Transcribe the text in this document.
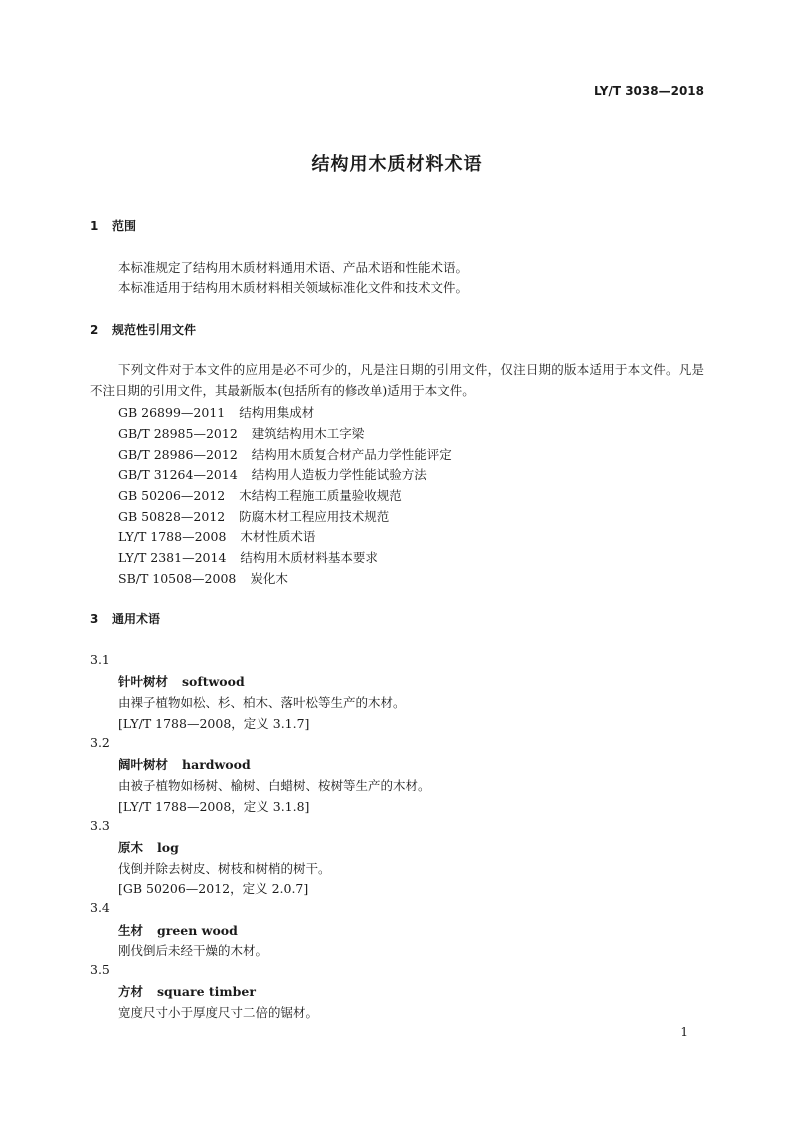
LY/T 3038—2018
结构用木质材料术语
1 范围
本标准规定了结构用木质材料通用术语、产品术语和性能术语。
本标准适用于结构用木质材料相关领域标准化文件和技术文件。
2 规范性引用文件
下列文件对于本文件的应用是必不可少的，凡是注日期的引用文件，仅注日期的版本适用于本文件。凡是不注日期的引用文件，其最新版本(包括所有的修改单)适用于本文件。
GB 26899—2011 结构用集成材
GB/T 28985—2012 建筑结构用木工字梁
GB/T 28986—2012 结构用木质复合材产品力学性能评定
GB/T 31264—2014 结构用人造板力学性能试验方法
GB 50206—2012 木结构工程施工质量验收规范
GB 50828—2012 防腐木材工程应用技术规范
LY/T 1788—2008 木材性质术语
LY/T 2381—2014 结构用木质材料基本要求
SB/T 10508—2008 炭化木
3 通用术语
3.1
针叶树材 softwood
由裸子植物如松、杉、柏木、落叶松等生产的木材。
[LY/T 1788—2008，定义 3.1.7]
3.2
阔叶树材 hardwood
由被子植物如杨树、榆树、白蜡树、桉树等生产的木材。
[LY/T 1788—2008，定义 3.1.8]
3.3
原木 log
伐倒并除去树皮、树枝和树梢的树干。
[GB 50206—2012，定义 2.0.7]
3.4
生材 green wood
刚伐倒后未经干燥的木材。
3.5
方材 square timber
宽度尺寸小于厚度尺寸二倍的锯材。
1
